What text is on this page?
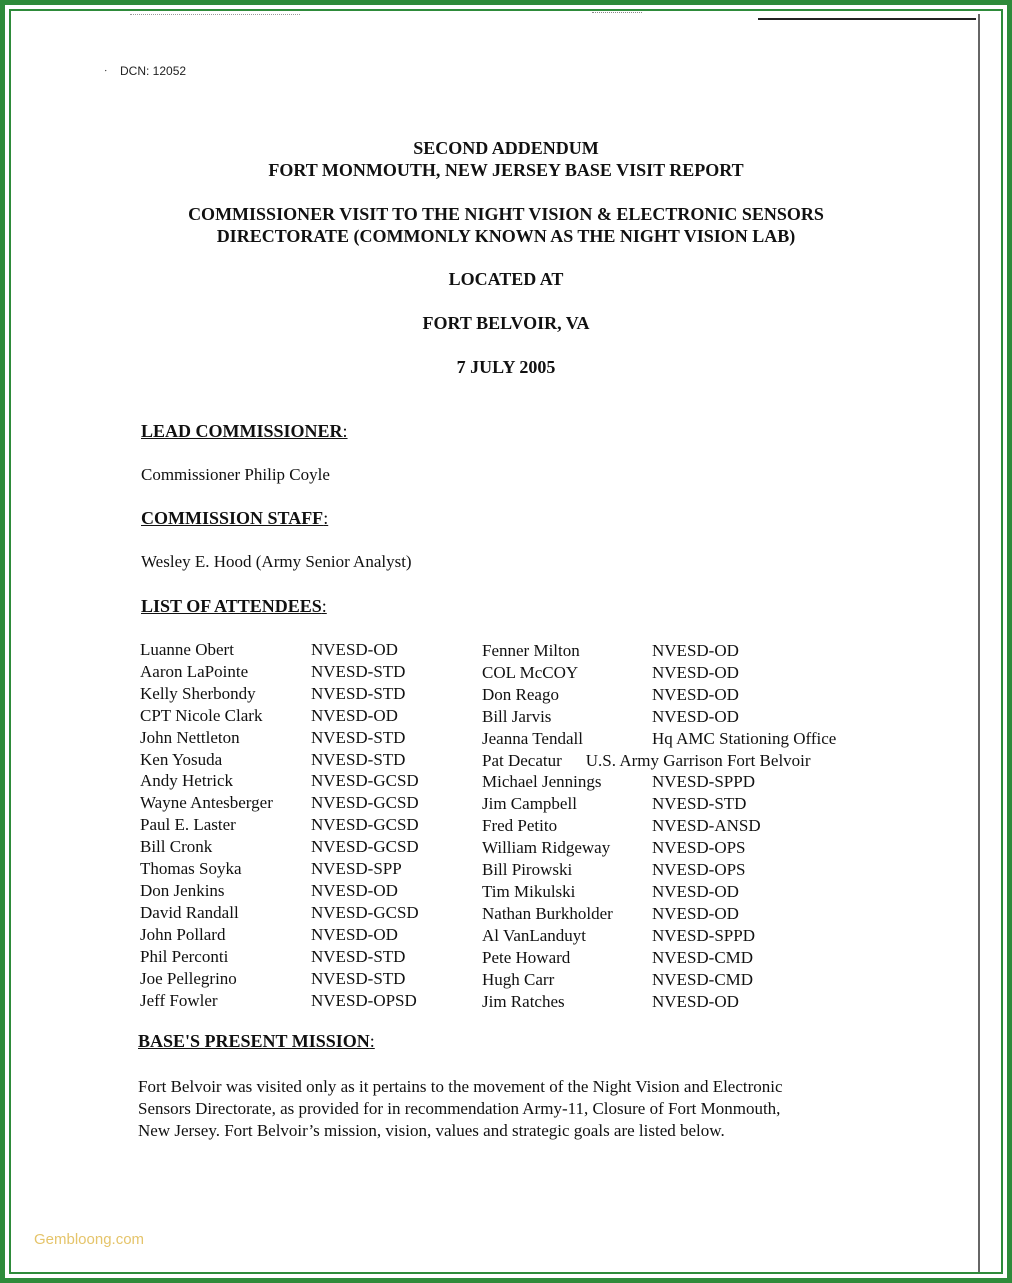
⋅ DCN: 12052
SECOND ADDENDUM
FORT MONMOUTH, NEW JERSEY BASE VISIT REPORT
COMMISSIONER VISIT TO THE NIGHT VISION & ELECTRONIC SENSORS
DIRECTORATE (COMMONLY KNOWN AS THE NIGHT VISION LAB)
LOCATED AT
FORT BELVOIR, VA
7 JULY 2005
LEAD COMMISSIONER:
Commissioner Philip Coyle
COMMISSION STAFF:
Wesley E. Hood (Army Senior Analyst)
LIST OF ATTENDEES:
Luanne Obert
Aaron LaPointe
Kelly Sherbondy
CPT Nicole Clark
John Nettleton
Ken Yosuda
Andy Hetrick
Wayne Antesberger
Paul E. Laster
Bill Cronk
Thomas Soyka
Don Jenkins
David Randall
John Pollard
Phil Perconti
Joe Pellegrino
Jeff Fowler
NVESD-OD
NVESD-STD
NVESD-STD
NVESD-OD
NVESD-STD
NVESD-STD
NVESD-GCSD
NVESD-GCSD
NVESD-GCSD
NVESD-GCSD
NVESD-SPP
NVESD-OD
NVESD-GCSD
NVESD-OD
NVESD-STD
NVESD-STD
NVESD-OPSD
Fenner Milton
COL McCOY
Don Reago
Bill Jarvis
Jeanna Tendall
Pat Decatur U.S. Army Garrison Fort Belvoir
Michael Jennings
Jim Campbell
Fred Petito
William Ridgeway
Bill Pirowski
Tim Mikulski
Nathan Burkholder
Al VanLanduyt
Pete Howard
Hugh Carr
Jim Ratches
NVESD-OD
NVESD-OD
NVESD-OD
NVESD-OD
Hq AMC Stationing Office

NVESD-SPPD
NVESD-STD
NVESD-ANSD
NVESD-OPS
NVESD-OPS
NVESD-OD
NVESD-OD
NVESD-SPPD
NVESD-CMD
NVESD-CMD
NVESD-OD
BASE'S PRESENT MISSION:
Fort Belvoir was visited only as it pertains to the movement of the Night Vision and Electronic
Sensors Directorate, as provided for in recommendation Army-11, Closure of Fort Monmouth,
New Jersey. Fort Belvoir’s mission, vision, values and strategic goals are listed below.
Gembloong.com
